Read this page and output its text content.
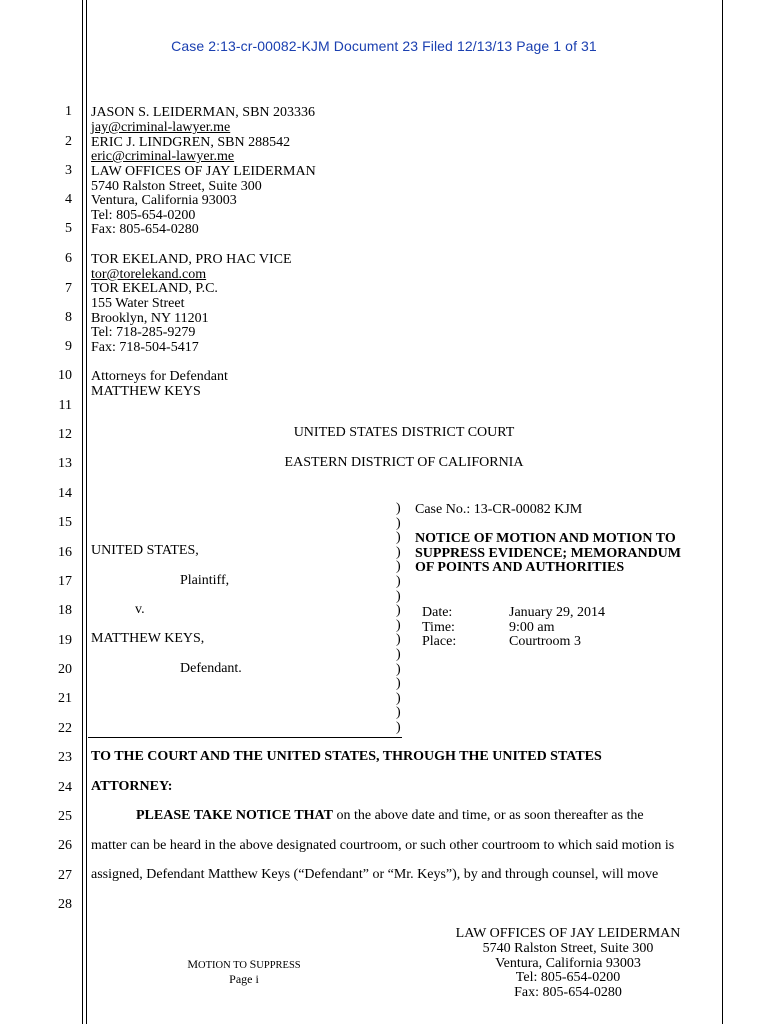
Case 2:13-cr-00082-KJM Document 23 Filed 12/13/13 Page 1 of 31
1
2
3
4
5
6
7
8
9
10
11
12
13
14
15
16
17
18
19
20
21
22
23
24
25
26
27
28
JASON S. LEIDERMAN, SBN 203336
jay@criminal-lawyer.me
ERIC J. LINDGREN, SBN 288542
eric@criminal-lawyer.me
LAW OFFICES OF JAY LEIDERMAN
5740 Ralston Street, Suite 300
Ventura, California 93003
Tel: 805-654-0200
Fax: 805-654-0280
TOR EKELAND, PRO HAC VICE
tor@torelekand.com
TOR EKELAND, P.C.
155 Water Street
Brooklyn, NY 11201
Tel: 718-285-9279
Fax: 718-504-5417
Attorneys for Defendant
MATTHEW KEYS
UNITED STATES DISTRICT COURT
EASTERN DISTRICT OF CALIFORNIA
UNITED STATES,
Plaintiff,
v.
MATTHEW KEYS,
Defendant.
)
)
)
)
)
)
)
)
)
)
)
)
)
)
)
)
Case No.: 13-CR-00082 KJM
NOTICE OF MOTION AND MOTION TO
SUPPRESS EVIDENCE; MEMORANDUM
OF POINTS AND AUTHORITIES
Date:	January 29, 2014
Time:	9:00 am
Place:	Courtroom 3
TO THE COURT AND THE UNITED STATES, THROUGH THE UNITED STATES
ATTORNEY:
PLEASE TAKE NOTICE THAT on the above date and time, or as soon thereafter as the
matter can be heard in the above designated courtroom, or such other courtroom to which said motion is
assigned, Defendant Matthew Keys (“Defendant” or “Mr. Keys”), by and through counsel, will move
MOTION TO SUPPRESS
Page i
LAW OFFICES OF JAY LEIDERMAN
5740 Ralston Street, Suite 300
Ventura, California 93003
Tel: 805-654-0200
Fax: 805-654-0280
